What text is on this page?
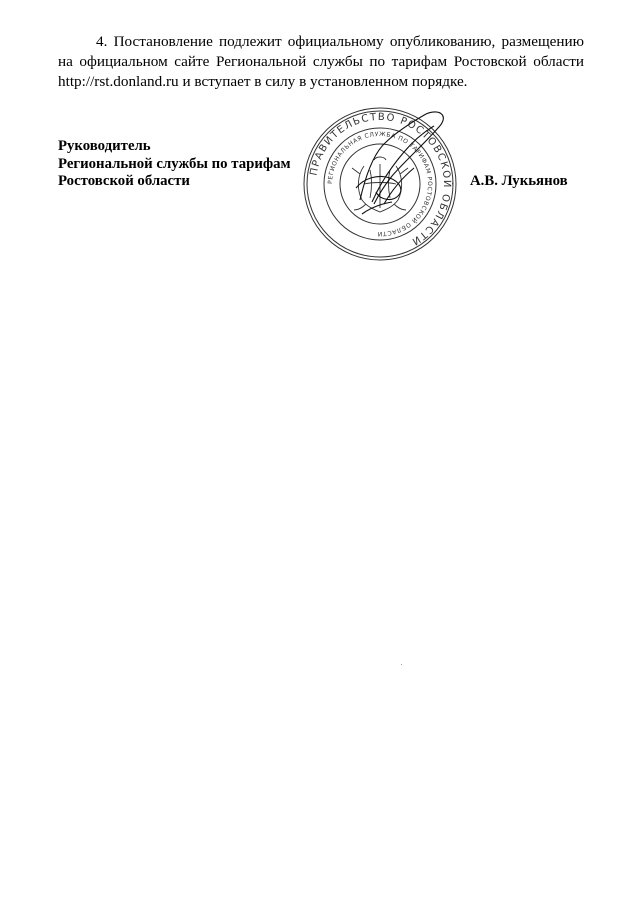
4. Постановление подлежит официальному опубликованию, размещению на официальном сайте Региональной службы по тарифам Ростовской области http://rst.donland.ru и вступает в силу в установленном порядке.

Руководитель
Региональной службы по тарифам
Ростовской области
ПРАВИТЕЛЬСТВО РОСТОВСКОЙ ОБЛАСТИ
РЕГИОНАЛЬНАЯ СЛУЖБА ПО ТАРИФАМ РОСТОВСКОЙ ОБЛАСТИ
А.В. Лукьянов
